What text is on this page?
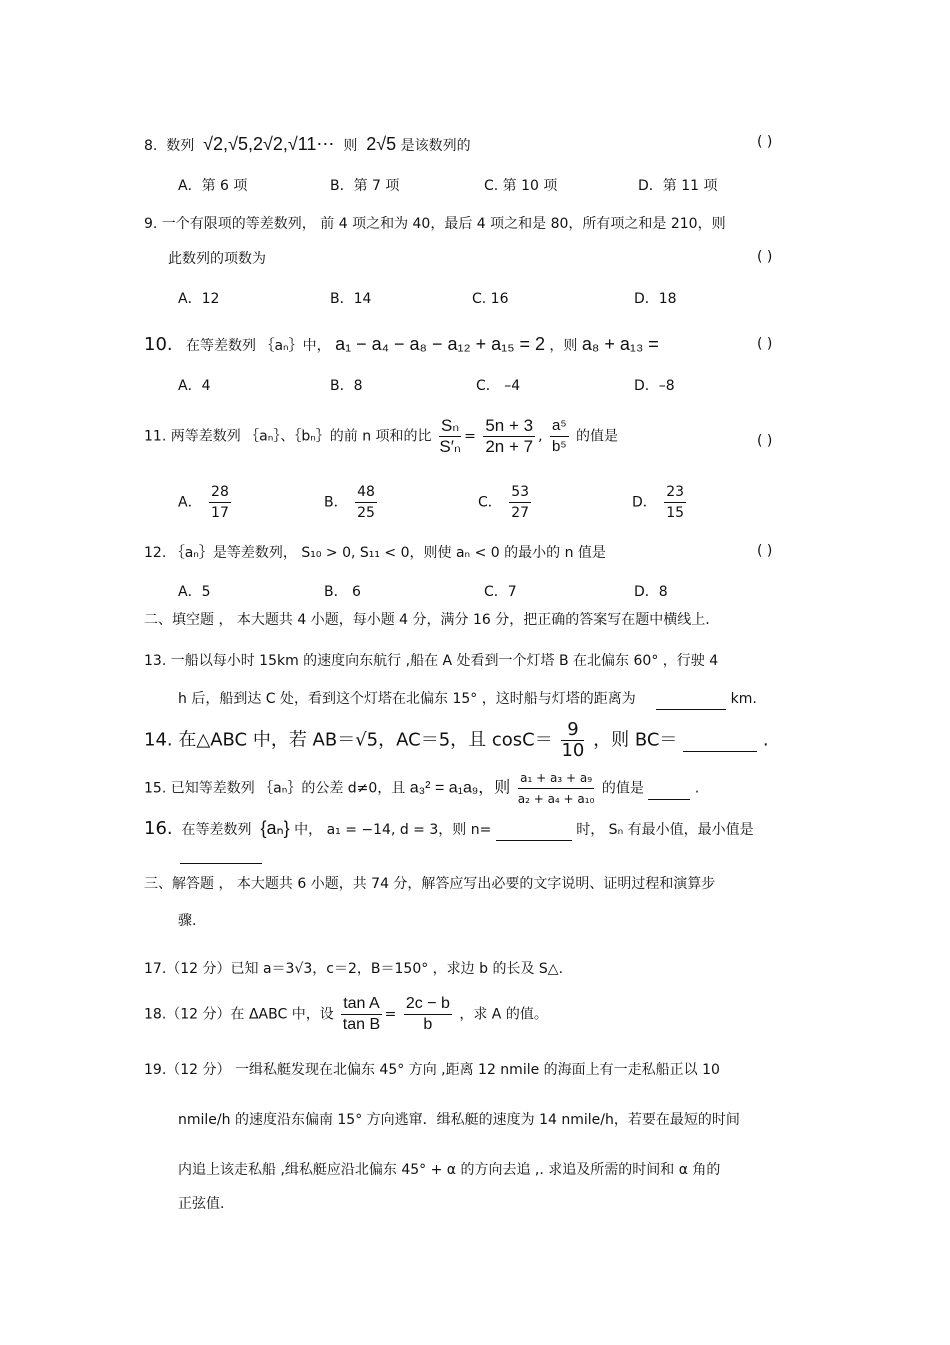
8. 数列 √2,√5,2√2,√11⋯ 则 2√5 是该数列的	( )
A．第 6 项	B．第 7 项	C. 第 10 项	D．第 11 项
9. 一个有限项的等差数列， 前 4 项之和为 40，最后 4 项之和是 80，所有项之和是 210，则
此数列的项数为	( )
A．12	B．14	C. 16	D．18
10. 在等差数列 ｛aₙ｝中， a₁ − a₄ − a₈ − a₁₂ + a₁₅ = 2 ，则 a₈ + a₁₃ =	( )
A．4	B．8	C． –4	D．–8
11. 两等差数列 ｛aₙ｝、｛bₙ｝的前 n 项和的比 $\frac{\text{Sₙ}}{\text{S′ₙ}} = \frac{5n + 3}{2n + 7}$ , $\frac{\text{a⁵}}{\text{b⁵}}$ 的值是	( )
A． $\frac{28}{17}$	B． $\frac{48}{25}$	C． $\frac{53}{27}$	D． $\frac{23}{15}$
12. ｛aₙ｝是等差数列， S₁₀ > 0, S₁₁ < 0，则使 aₙ < 0 的最小的 n 值是	( )
A．5	B． 6	C．7	D．8
二、填空题 ， 本大题共 4 小题，每小题 4 分，满分 16 分，把正确的答案写在题中横线上.
13. 一船以每小时 15km 的速度向东航行 ,船在 A 处看到一个灯塔 B 在北偏东 60° ，行驶 4
h 后，船到达 C 处，看到这个灯塔在北偏东 15° ，这时船与灯塔的距离为	km.
14. 在△ABC 中，若 AB＝√5，AC＝5，且 $\cos C= \frac{9}{10}$ ，则 BC＝	.
15. 已知等差数列 ｛aₙ｝的公差 d≠0，且 a₃² = a₁a₉，则 $\frac{\text{a₁ + a₃ + a₉}}{\text{a₂ + a₄ + a₁₀}}$ 的值是	.
16. 在等差数列 {aₙ} 中， a₁ = −14, d = 3，则 n=	时， Sₙ 有最小值，最小值是
三、解答题 ， 本大题共 6 小题，共 74 分，解答应写出必要的文字说明、证明过程和演算步
骤.
17.（12 分）已知 a＝3√3，c＝2，B＝150° ，求边 b 的长及 S△.
18.（12 分）在 ΔABC 中，设 $\frac{\text{tan A}}{\text{tan B}} = \frac{2c - b}{b}$ ，求 A 的值。
19.（12 分） 一缉私艇发现在北偏东 45° 方向 ,距离 12 nmile 的海面上有一走私船正以 10
nmile/h 的速度沿东偏南 15° 方向逃窜．缉私艇的速度为 14 nmile/h，若要在最短的时间
内追上该走私船 ,缉私艇应沿北偏东 45° + α 的方向去追 ,. 求追及所需的时间和 α 角的
正弦值.
